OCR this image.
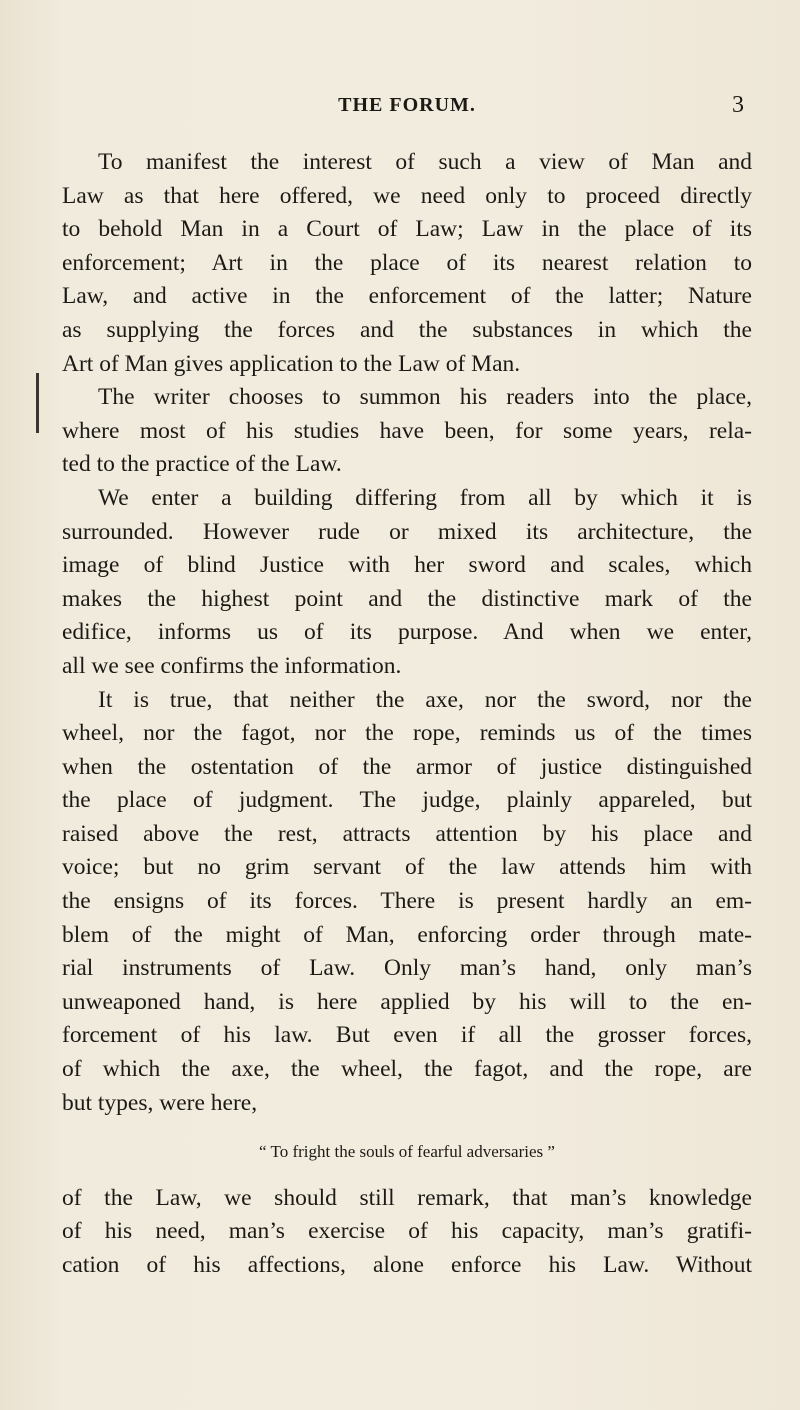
THE FORUM.	3
To manifest the interest of such a view of Man and
Law as that here offered, we need only to proceed directly
to behold Man in a Court of Law; Law in the place of its
enforcement; Art in the place of its nearest relation to
Law, and active in the enforcement of the latter; Nature
as supplying the forces and the substances in which the
Art of Man gives application to the Law of Man.
The writer chooses to summon his readers into the place,
where most of his studies have been, for some years, rela-
ted to the practice of the Law.
We enter a building differing from all by which it is
surrounded. However rude or mixed its architecture, the
image of blind Justice with her sword and scales, which
makes the highest point and the distinctive mark of the
edifice, informs us of its purpose. And when we enter,
all we see confirms the information.
It is true, that neither the axe, nor the sword, nor the
wheel, nor the fagot, nor the rope, reminds us of the times
when the ostentation of the armor of justice distinguished
the place of judgment. The judge, plainly appareled, but
raised above the rest, attracts attention by his place and
voice; but no grim servant of the law attends him with
the ensigns of its forces. There is present hardly an em-
blem of the might of Man, enforcing order through mate-
rial instruments of Law. Only man’s hand, only man’s
unweaponed hand, is here applied by his will to the en-
forcement of his law. But even if all the grosser forces,
of which the axe, the wheel, the fagot, and the rope, are
but types, were here,
“ To fright the souls of fearful adversaries ”
of the Law, we should still remark, that man’s knowledge
of his need, man’s exercise of his capacity, man’s gratifi-
cation of his affections, alone enforce his Law. Without
